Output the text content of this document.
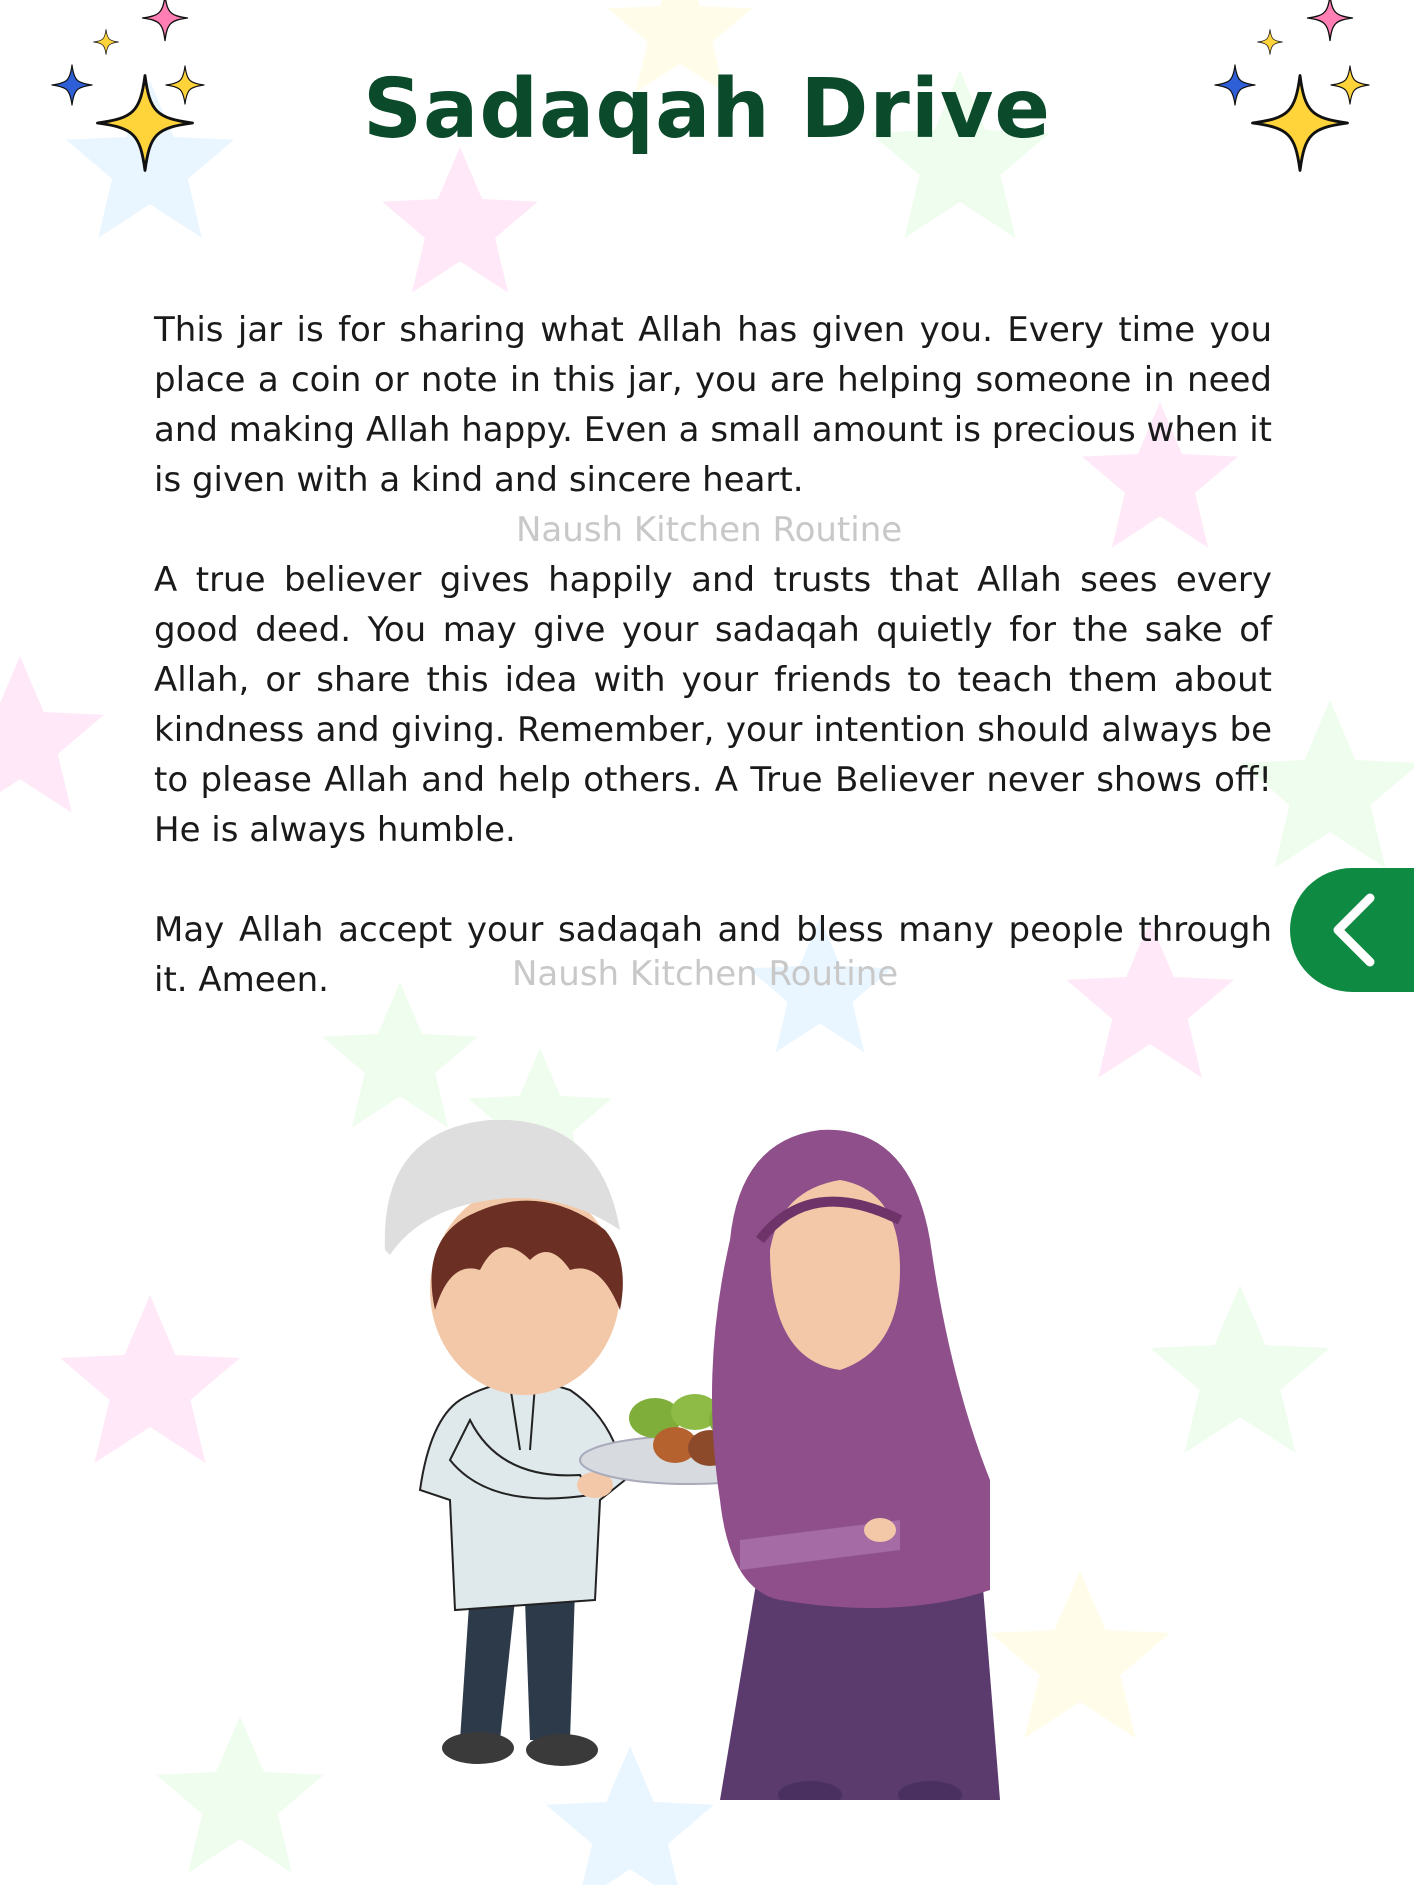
Sadaqah Drive
This jar is for sharing what Allah has given you. Every time you place a coin or note in this jar, you are helping someone in need and making Allah happy. Even a small amount is precious when it is given with a kind and sincere heart.
Naush Kitchen Routine
A true believer gives happily and trusts that Allah sees every good deed. You may give your sadaqah quietly for the sake of Allah, or share this idea with your friends to teach them about kindness and giving. Remember, your intention should always be to please Allah and help others. A True Believer never shows off! He is always humble.
May Allah accept your sadaqah and bless many people through it. Ameen.	Naush Kitchen Routine
